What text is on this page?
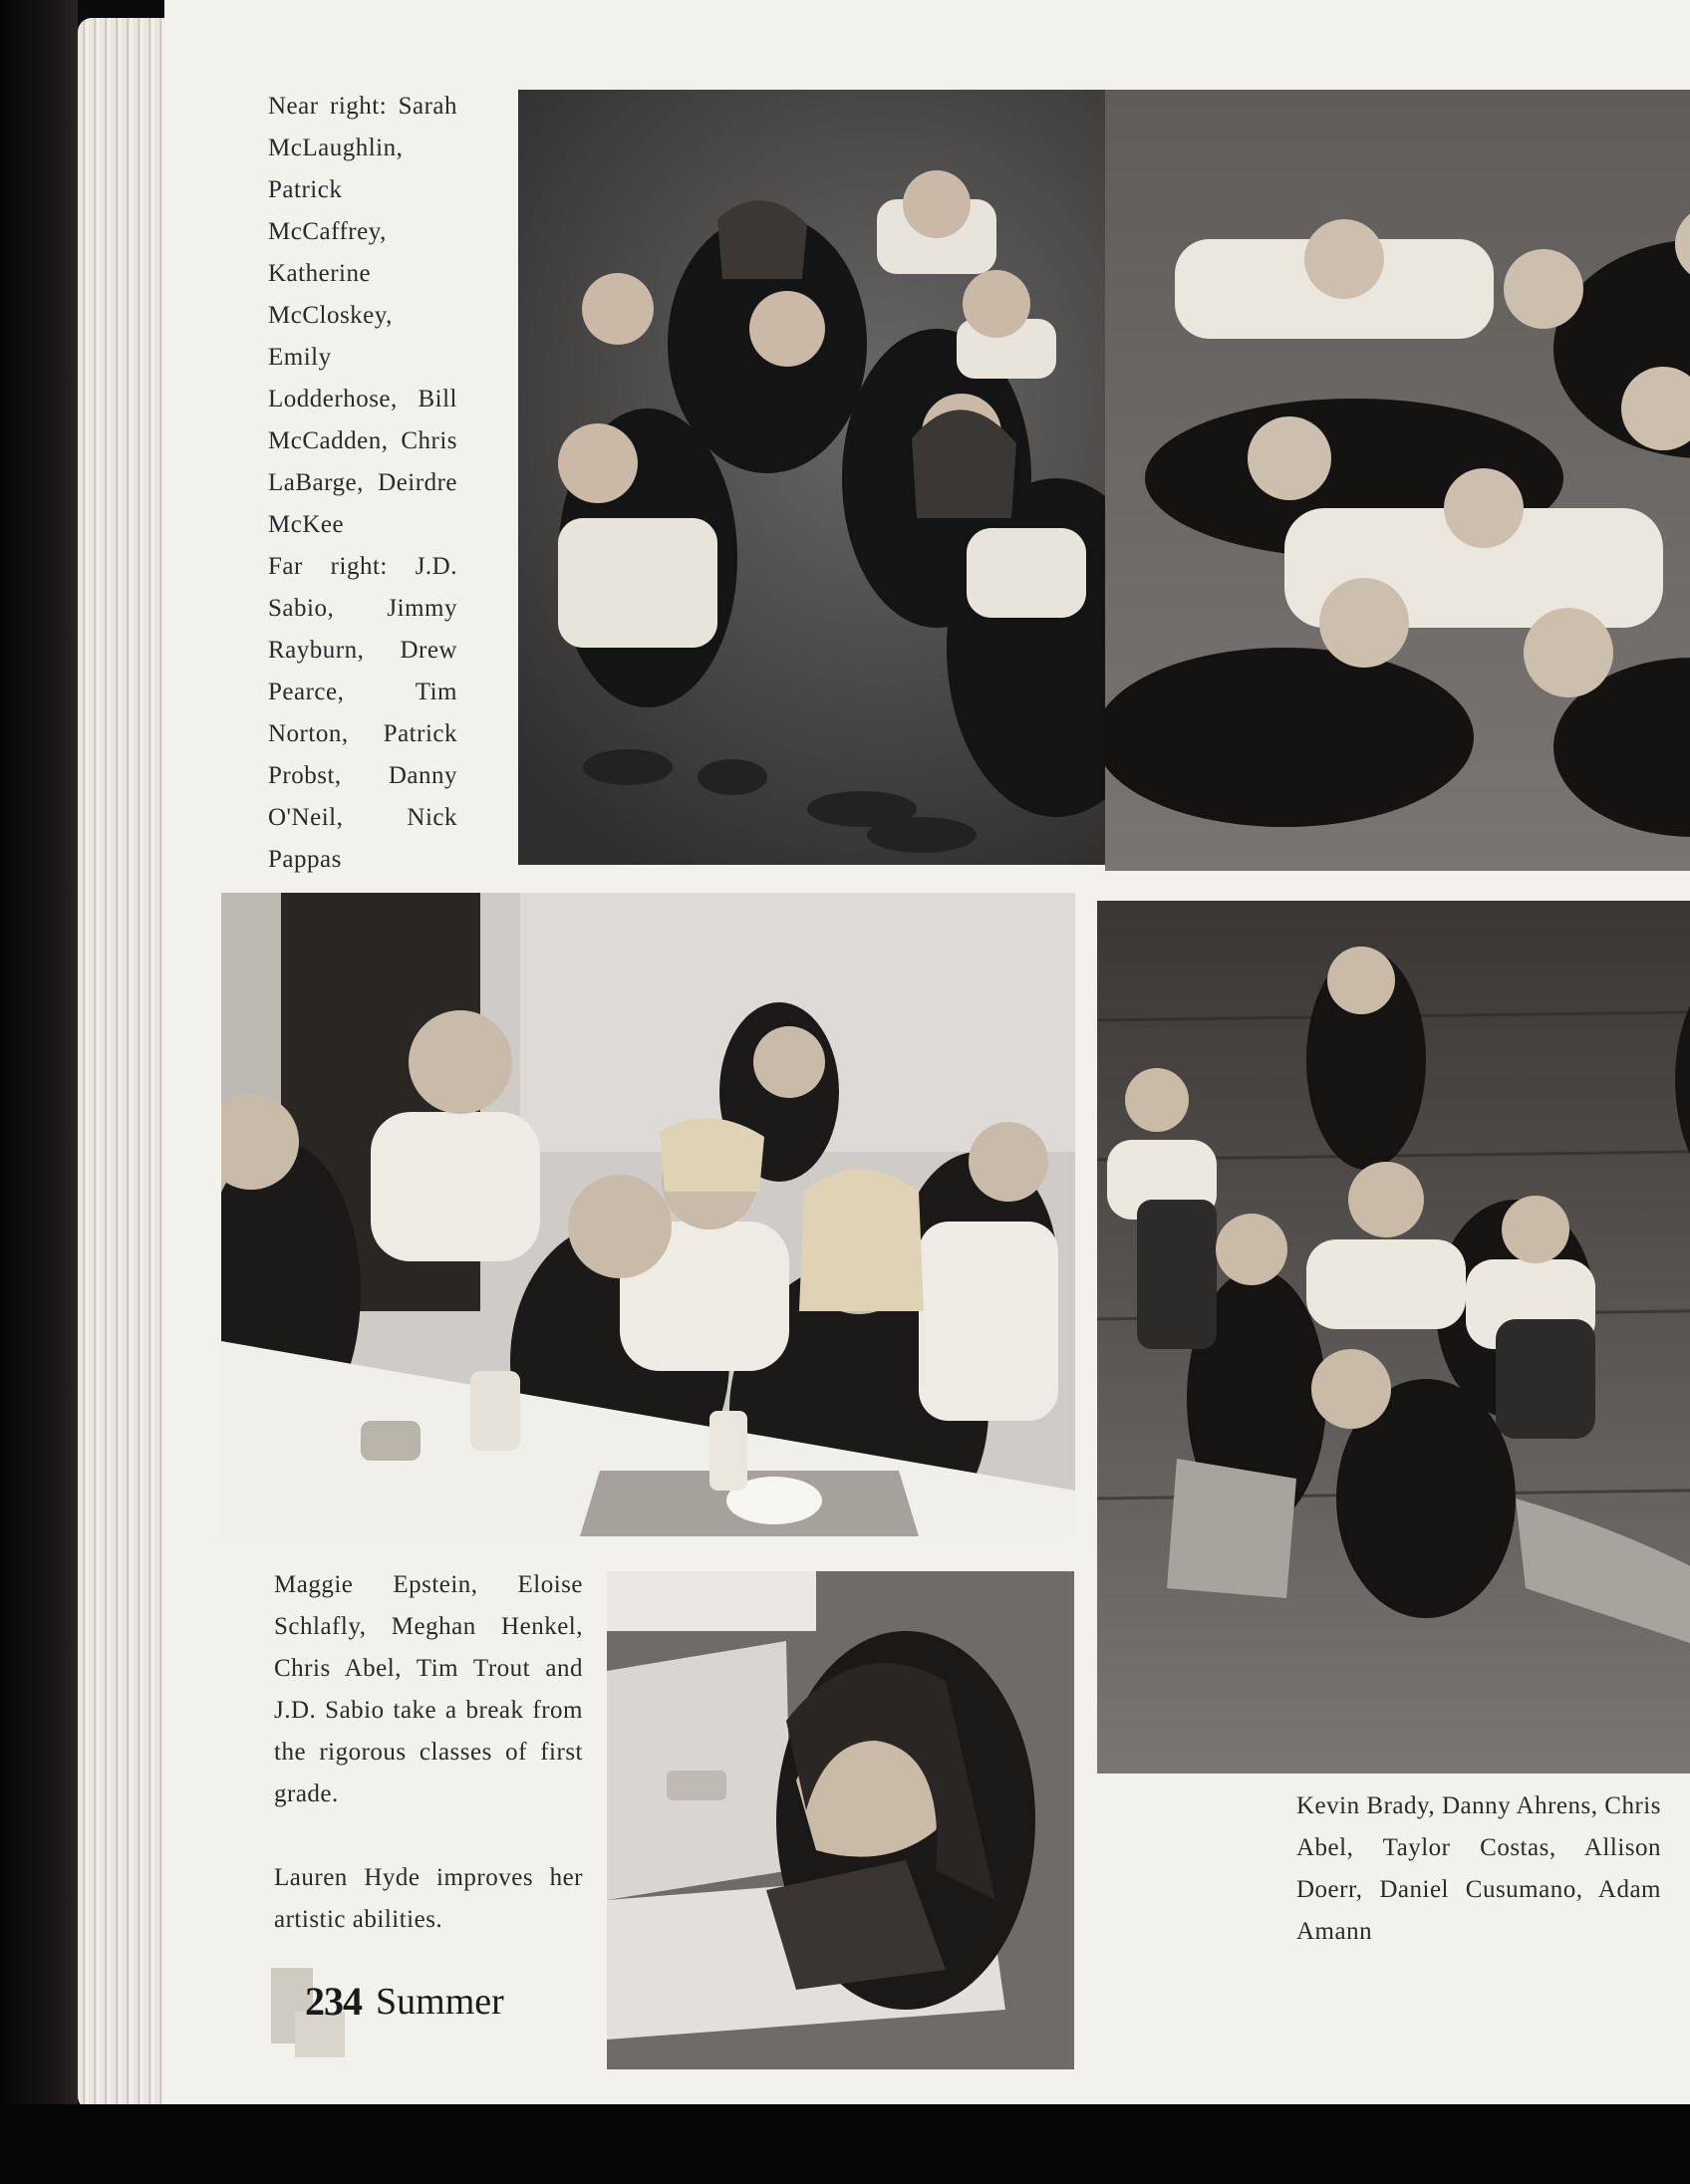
Near right: Sarah McLaughlin, Patrick McCaffrey, Katherine McCloskey, Emily Lodderhose, Bill McCadden, Chris LaBarge, Deirdre McKee

Far right: J.D. Sabio, Jimmy Rayburn, Drew Pearce, Tim Norton, Patrick Probst, Danny O'Neil, Nick Pappas

Maggie Epstein, Eloise Schlafly, Meghan Henkel, Chris Abel, Tim Trout and J.D. Sabio take a break from the rigorous classes of first grade.

Lauren Hyde improves her artistic abilities.

Kevin Brady, Danny Ahrens, Chris Abel, Taylor Costas, Allison Doerr, Daniel Cusumano, Adam Amann

234 Summer
